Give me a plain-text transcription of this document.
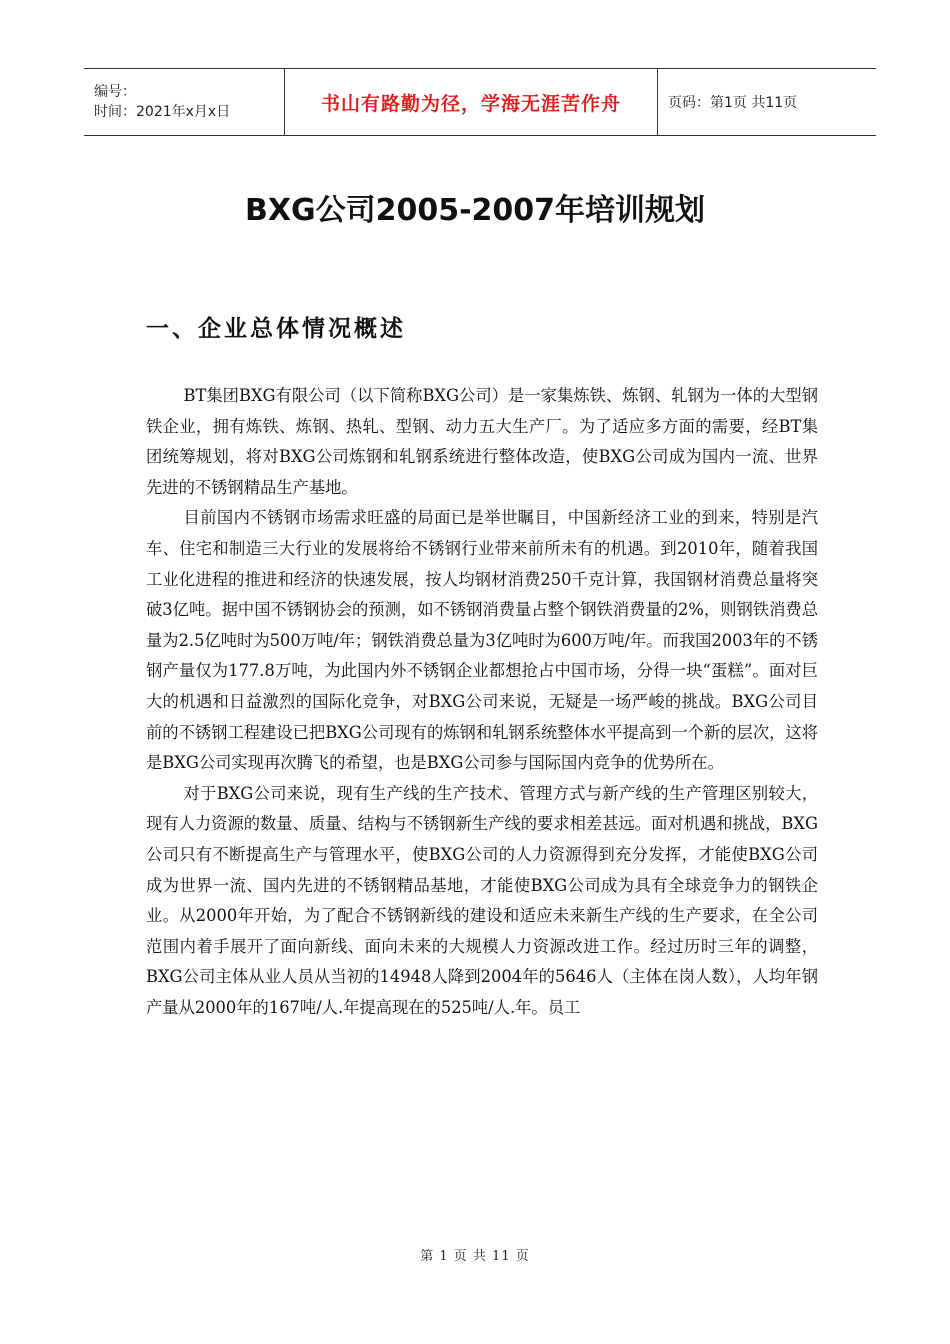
编号：
时间：2021年x月x日	书山有路勤为径，学海无涯苦作舟	页码：第1页 共11页
BXG公司2005-2007年培训规划
一、企业总体情况概述

BT集团BXG有限公司（以下简称BXG公司）是一家集炼铁、炼钢、轧钢为一体的大型钢铁企业，拥有炼铁、炼钢、热轧、型钢、动力五大生产厂。为了适应多方面的需要，经BT集团统筹规划，将对BXG公司炼钢和轧钢系统进行整体改造，使BXG公司成为国内一流、世界先进的不锈钢精品生产基地。

目前国内不锈钢市场需求旺盛的局面已是举世瞩目，中国新经济工业的到来，特别是汽车、住宅和制造三大行业的发展将给不锈钢行业带来前所未有的机遇。到2010年，随着我国工业化进程的推进和经济的快速发展，按人均钢材消费250千克计算，我国钢材消费总量将突破3亿吨。据中国不锈钢协会的预测，如不锈钢消费量占整个钢铁消费量的2%，则钢铁消费总量为2.5亿吨时为500万吨/年；钢铁消费总量为3亿吨时为600万吨/年。而我国2003年的不锈钢产量仅为177.8万吨，为此国内外不锈钢企业都想抢占中国市场，分得一块“蛋糕”。面对巨大的机遇和日益激烈的国际化竞争，对BXG公司来说，无疑是一场严峻的挑战。BXG公司目前的不锈钢工程建设已把BXG公司现有的炼钢和轧钢系统整体水平提高到一个新的层次，这将是BXG公司实现再次腾飞的希望，也是BXG公司参与国际国内竞争的优势所在。

对于BXG公司来说，现有生产线的生产技术、管理方式与新产线的生产管理区别较大，现有人力资源的数量、质量、结构与不锈钢新生产线的要求相差甚远。面对机遇和挑战，BXG公司只有不断提高生产与管理水平，使BXG公司的人力资源得到充分发挥，才能使BXG公司成为世界一流、国内先进的不锈钢精品基地，才能使BXG公司成为具有全球竞争力的钢铁企业。从2000年开始，为了配合不锈钢新线的建设和适应未来新生产线的生产要求，在全公司范围内着手展开了面向新线、面向未来的大规模人力资源改进工作。经过历时三年的调整，BXG公司主体从业人员从当初的14948人降到2004年的5646人（主体在岗人数），人均年钢产量从2000年的167吨/人.年提高现在的525吨/人.年。员工

第 1 页 共 11 页
